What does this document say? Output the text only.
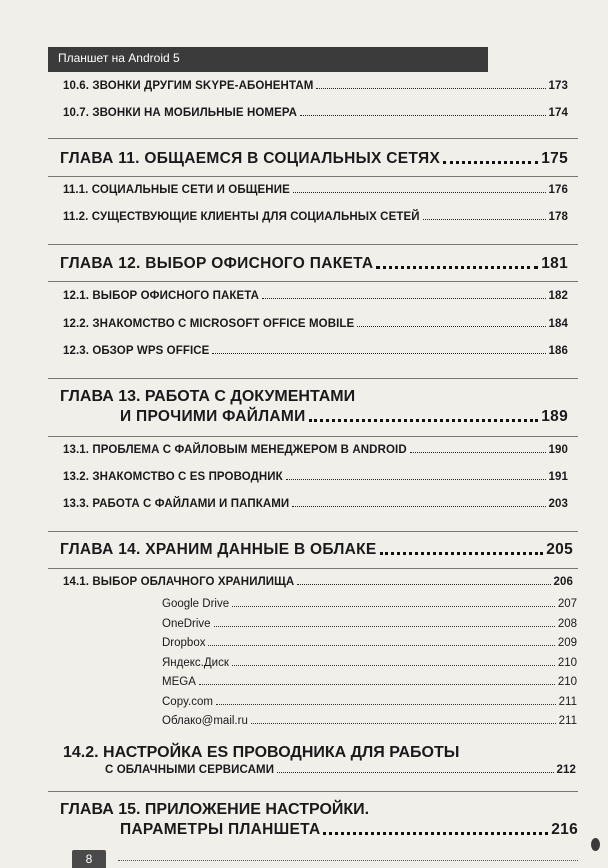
Планшет на Android 5
10.6. ЗВОНКИ ДРУГИМ SKYPE-АБОНЕНТАМ	173
10.7. ЗВОНКИ НА МОБИЛЬНЫЕ НОМЕРА	174
ГЛАВА 11. ОБЩАЕМСЯ В СОЦИАЛЬНЫХ СЕТЯХ	175
11.1. СОЦИАЛЬНЫЕ СЕТИ И ОБЩЕНИЕ	176
11.2. СУЩЕСТВУЮЩИЕ КЛИЕНТЫ ДЛЯ СОЦИАЛЬНЫХ СЕТЕЙ	178
ГЛАВА 12. ВЫБОР ОФИСНОГО ПАКЕТА	181
12.1. ВЫБОР ОФИСНОГО ПАКЕТА	182
12.2. ЗНАКОМСТВО С MICROSOFT OFFICE MOBILE	184
12.3. ОБЗОР WPS OFFICE	186
ГЛАВА 13. РАБОТА С ДОКУМЕНТАМИ
И ПРОЧИМИ ФАЙЛАМИ	189
13.1. ПРОБЛЕМА С ФАЙЛОВЫМ МЕНЕДЖЕРОМ В ANDROID	190
13.2. ЗНАКОМСТВО С ES ПРОВОДНИК	191
13.3. РАБОТА С ФАЙЛАМИ И ПАПКАМИ	203
ГЛАВА 14. ХРАНИМ ДАННЫЕ В ОБЛАКЕ	205
14.1. ВЫБОР ОБЛАЧНОГО ХРАНИЛИЩА	206
Google Drive	207
OneDrive	208
Dropbox	209
Яндекс.Диск	210
MEGA	210
Copy.com	211
Облако@mail.ru	211
14.2. НАСТРОЙКА ES ПРОВОДНИКА ДЛЯ РАБОТЫ
С ОБЛАЧНЫМИ СЕРВИСАМИ	212
ГЛАВА 15. ПРИЛОЖЕНИЕ НАСТРОЙКИ.
ПАРАМЕТРЫ ПЛАНШЕТА	216
8
